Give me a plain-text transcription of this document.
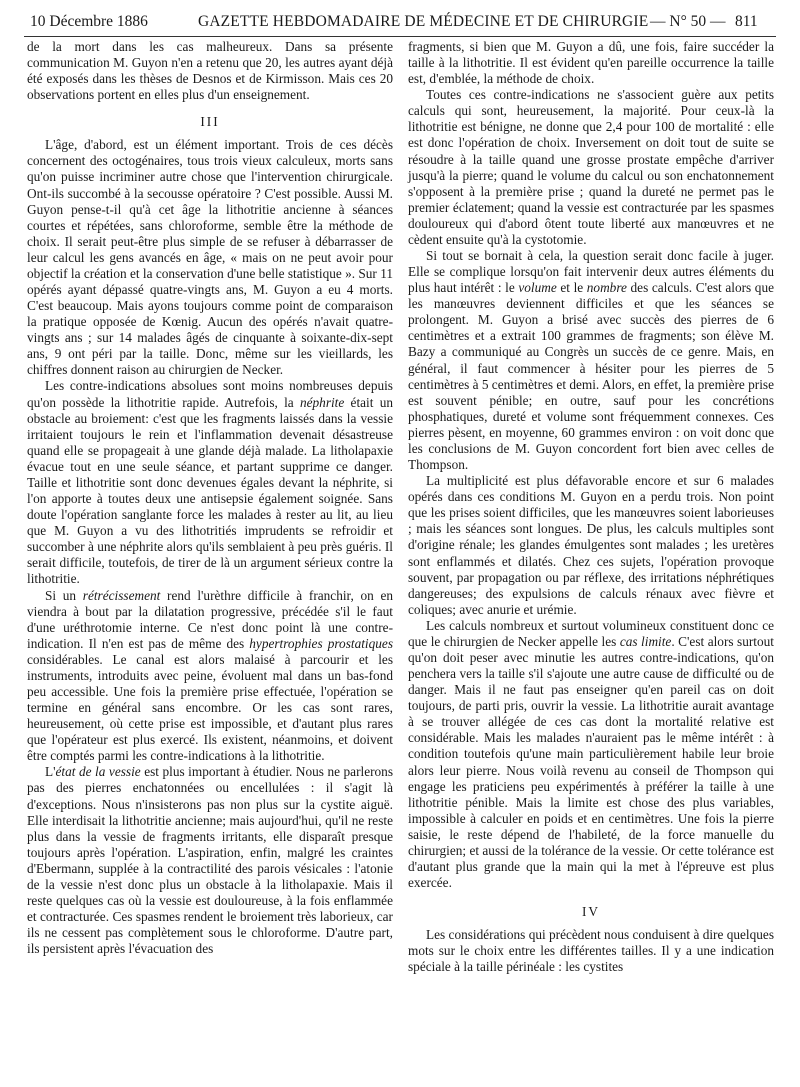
10 Décembre 1886	GAZETTE HEBDOMADAIRE DE MÉDECINE ET DE CHIRURGIE — N° 50 — 811

de la mort dans les cas malheureux. Dans sa présente communication M. Guyon n'en a retenu que 20, les autres ayant déjà été exposés dans les thèses de Desnos et de Kirmisson. Mais ces 20 observations portent en elles plus d'un enseignement.

III

L'âge, d'abord, est un élément important. Trois de ces décès concernent des octogénaires, tous trois vieux calculeux, morts sans qu'on puisse incriminer autre chose que l'intervention chirurgicale. Ont-ils succombé à la secousse opératoire ? C'est possible. Aussi M. Guyon pense-t-il qu'à cet âge la lithotritie ancienne à séances courtes et répétées, sans chloroforme, semble être la méthode de choix. Il serait peut-être plus simple de se refuser à débarrasser de leur calcul les gens avancés en âge, « mais on ne peut avoir pour objectif la création et la conservation d'une belle statistique ». Sur 11 opérés ayant dépassé quatre-vingts ans, M. Guyon a eu 4 morts. C'est beaucoup. Mais ayons toujours comme point de comparaison la pratique opposée de Kœnig. Aucun des opérés n'avait quatre-vingts ans ; sur 14 malades âgés de cinquante à soixante-dix-sept ans, 9 ont péri par la taille. Donc, même sur les vieillards, les chiffres donnent raison au chirurgien de Necker.

Les contre-indications absolues sont moins nombreuses depuis qu'on possède la lithotritie rapide. Autrefois, la néphrite était un obstacle au broiement: c'est que les fragments laissés dans la vessie irritaient toujours le rein et l'inflammation devenait désastreuse quand elle se propageait à une glande déjà malade. La litholapaxie évacue tout en une seule séance, et partant supprime ce danger. Taille et lithotritie sont donc devenues égales devant la néphrite, si l'on apporte à toutes deux une antisepsie également soignée. Sans doute l'opération sanglante force les malades à rester au lit, au lieu que M. Guyon a vu des lithotritiés imprudents se refroidir et succomber à une néphrite alors qu'ils semblaient à peu près guéris. Il serait difficile, toutefois, de tirer de là un argument sérieux contre la lithotritie.

Si un rétrécissement rend l'urèthre difficile à franchir, on en viendra à bout par la dilatation progressive, précédée s'il le faut d'une uréthrotomie interne. Ce n'est donc point là une contre-indication. Il n'en est pas de même des hypertrophies prostatiques considérables. Le canal est alors malaisé à parcourir et les instruments, introduits avec peine, évoluent mal dans un bas-fond peu accessible. Une fois la première prise effectuée, l'opération se termine en général sans encombre. Or les cas sont rares, heureusement, où cette prise est impossible, et d'autant plus rares que l'opérateur est plus exercé. Ils existent, néanmoins, et doivent être comptés parmi les contre-indications à la lithotritie.

L'état de la vessie est plus important à étudier. Nous ne parlerons pas des pierres enchatonnées ou encellulées : il s'agit là d'exceptions. Nous n'insisterons pas non plus sur la cystite aiguë. Elle interdisait la lithotritie ancienne; mais aujourd'hui, qu'il ne reste plus dans la vessie de fragments irritants, elle disparaît presque toujours après l'opération. L'aspiration, enfin, malgré les craintes d'Ebermann, supplée à la contractilité des parois vésicales : l'atonie de la vessie n'est donc plus un obstacle à la litholapaxie. Mais il reste quelques cas où la vessie est douloureuse, à la fois enflammée et contracturée. Ces spasmes rendent le broiement très laborieux, car ils ne cessent pas complètement sous le chloroforme. D'autre part, ils persistent après l'évacuation des

fragments, si bien que M. Guyon a dû, une fois, faire succéder la taille à la lithotritie. Il est évident qu'en pareille occurrence la taille est, d'emblée, la méthode de choix.

Toutes ces contre-indications ne s'associent guère aux petits calculs qui sont, heureusement, la majorité. Pour ceux-là la lithotritie est bénigne, ne donne que 2,4 pour 100 de mortalité : elle est donc l'opération de choix. Inversement on doit tout de suite se résoudre à la taille quand une grosse prostate empêche d'arriver jusqu'à la pierre; quand le volume du calcul ou son enchatonnement s'opposent à la première prise ; quand la dureté ne permet pas le premier éclatement; quand la vessie est contracturée par les spasmes douloureux qui d'abord ôtent toute liberté aux manœuvres et ne cèdent ensuite qu'à la cystotomie.

Si tout se bornait à cela, la question serait donc facile à juger. Elle se complique lorsqu'on fait intervenir deux autres éléments du plus haut intérêt : le volume et le nombre des calculs. C'est alors que les manœuvres deviennent difficiles et que les séances se prolongent. M. Guyon a brisé avec succès des pierres de 6 centimètres et a extrait 100 grammes de fragments; son élève M. Bazy a communiqué au Congrès un succès de ce genre. Mais, en général, il faut commencer à hésiter pour les pierres de 5 centimètres à 5 centimètres et demi. Alors, en effet, la première prise est souvent pénible; en outre, sauf pour les concrétions phosphatiques, dureté et volume sont fréquemment connexes. Ces pierres pèsent, en moyenne, 60 grammes environ : on voit donc que les conclusions de M. Guyon concordent fort bien avec celles de Thompson.

La multiplicité est plus défavorable encore et sur 6 malades opérés dans ces conditions M. Guyon en a perdu trois. Non point que les prises soient difficiles, que les manœuvres soient laborieuses ; mais les séances sont longues. De plus, les calculs multiples sont d'origine rénale; les glandes émulgentes sont malades ; les uretères sont enflammés et dilatés. Chez ces sujets, l'opération provoque souvent, par propagation ou par réflexe, des irritations néphrétiques dangereuses; des expulsions de calculs rénaux avec fièvre et coliques; avec anurie et urémie.

Les calculs nombreux et surtout volumineux constituent donc ce que le chirurgien de Necker appelle les cas limite. C'est alors surtout qu'on doit peser avec minutie les autres contre-indications, qu'on penchera vers la taille s'il s'ajoute une autre cause de difficulté ou de danger. Mais il ne faut pas enseigner qu'en pareil cas on doit toujours, de parti pris, ouvrir la vessie. La lithotritie aurait avantage à se trouver allégée de ces cas dont la mortalité relative est considérable. Mais les malades n'auraient pas le même intérêt : à condition toutefois qu'une main particulièrement habile leur broie alors leur pierre. Nous voilà revenu au conseil de Thompson qui engage les praticiens peu expérimentés à préférer la taille à une lithotritie pénible. Mais la limite est chose des plus variables, impossible à calculer en poids et en centimètres. Une fois la pierre saisie, le reste dépend de l'habileté, de la force manuelle du chirurgien; et aussi de la tolérance de la vessie. Or cette tolérance est d'autant plus grande que la main qui la met à l'épreuve est plus exercée.

IV

Les considérations qui précèdent nous conduisent à dire quelques mots sur le choix entre les différentes tailles. Il y a une indication spéciale à la taille périnéale : les cystites
